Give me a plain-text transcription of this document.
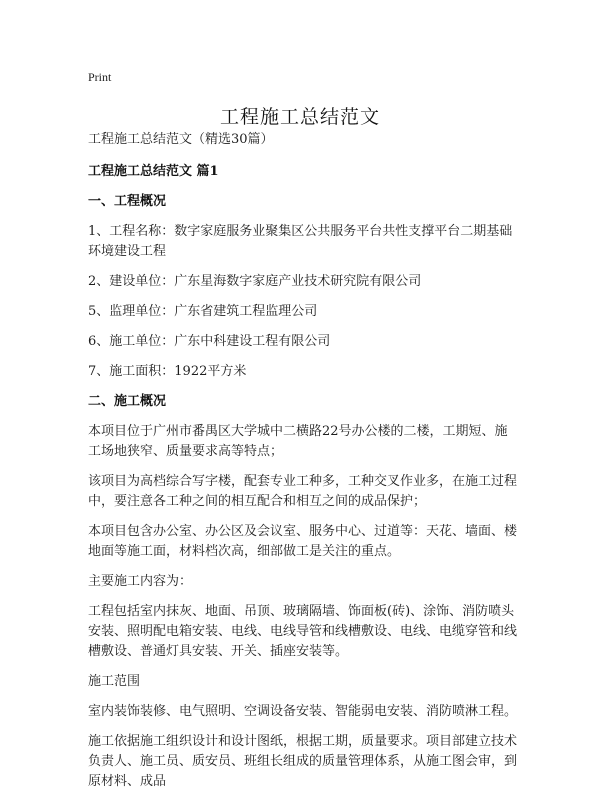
Print
工程施工总结范文

工程施工总结范文（精选30篇）

工程施工总结范文 篇1

一、工程概况

1、工程名称：数字家庭服务业聚集区公共服务平台共性支撑平台二期基础环境建设工程

2、建设单位：广东星海数字家庭产业技术研究院有限公司

5、监理单位：广东省建筑工程监理公司

6、施工单位：广东中科建设工程有限公司

7、施工面积：1922平方米

二、施工概况

本项目位于广州市番禺区大学城中二横路22号办公楼的二楼，工期短、施工场地狭窄、质量要求高等特点；

该项目为高档综合写字楼，配套专业工种多，工种交叉作业多，在施工过程中，要注意各工种之间的相互配合和相互之间的成品保护；

本项目包含办公室、办公区及会议室、服务中心、过道等：天花、墙面、楼地面等施工面，材料档次高，细部做工是关注的重点。

主要施工内容为：

工程包括室内抹灰、地面、吊顶、玻璃隔墙、饰面板(砖)、涂饰、消防喷头安装、照明配电箱安装、电线、电线导管和线槽敷设、电线、电缆穿管和线槽敷设、普通灯具安装、开关、插座安装等。

施工范围

室内装饰装修、电气照明、空调设备安装、智能弱电安装、消防喷淋工程。

施工依据施工组织设计和设计图纸，根据工期，质量要求。项目部建立技术负责人、施工员、质安员、班组长组成的质量管理体系，从施工图会审，到原材料、成品
